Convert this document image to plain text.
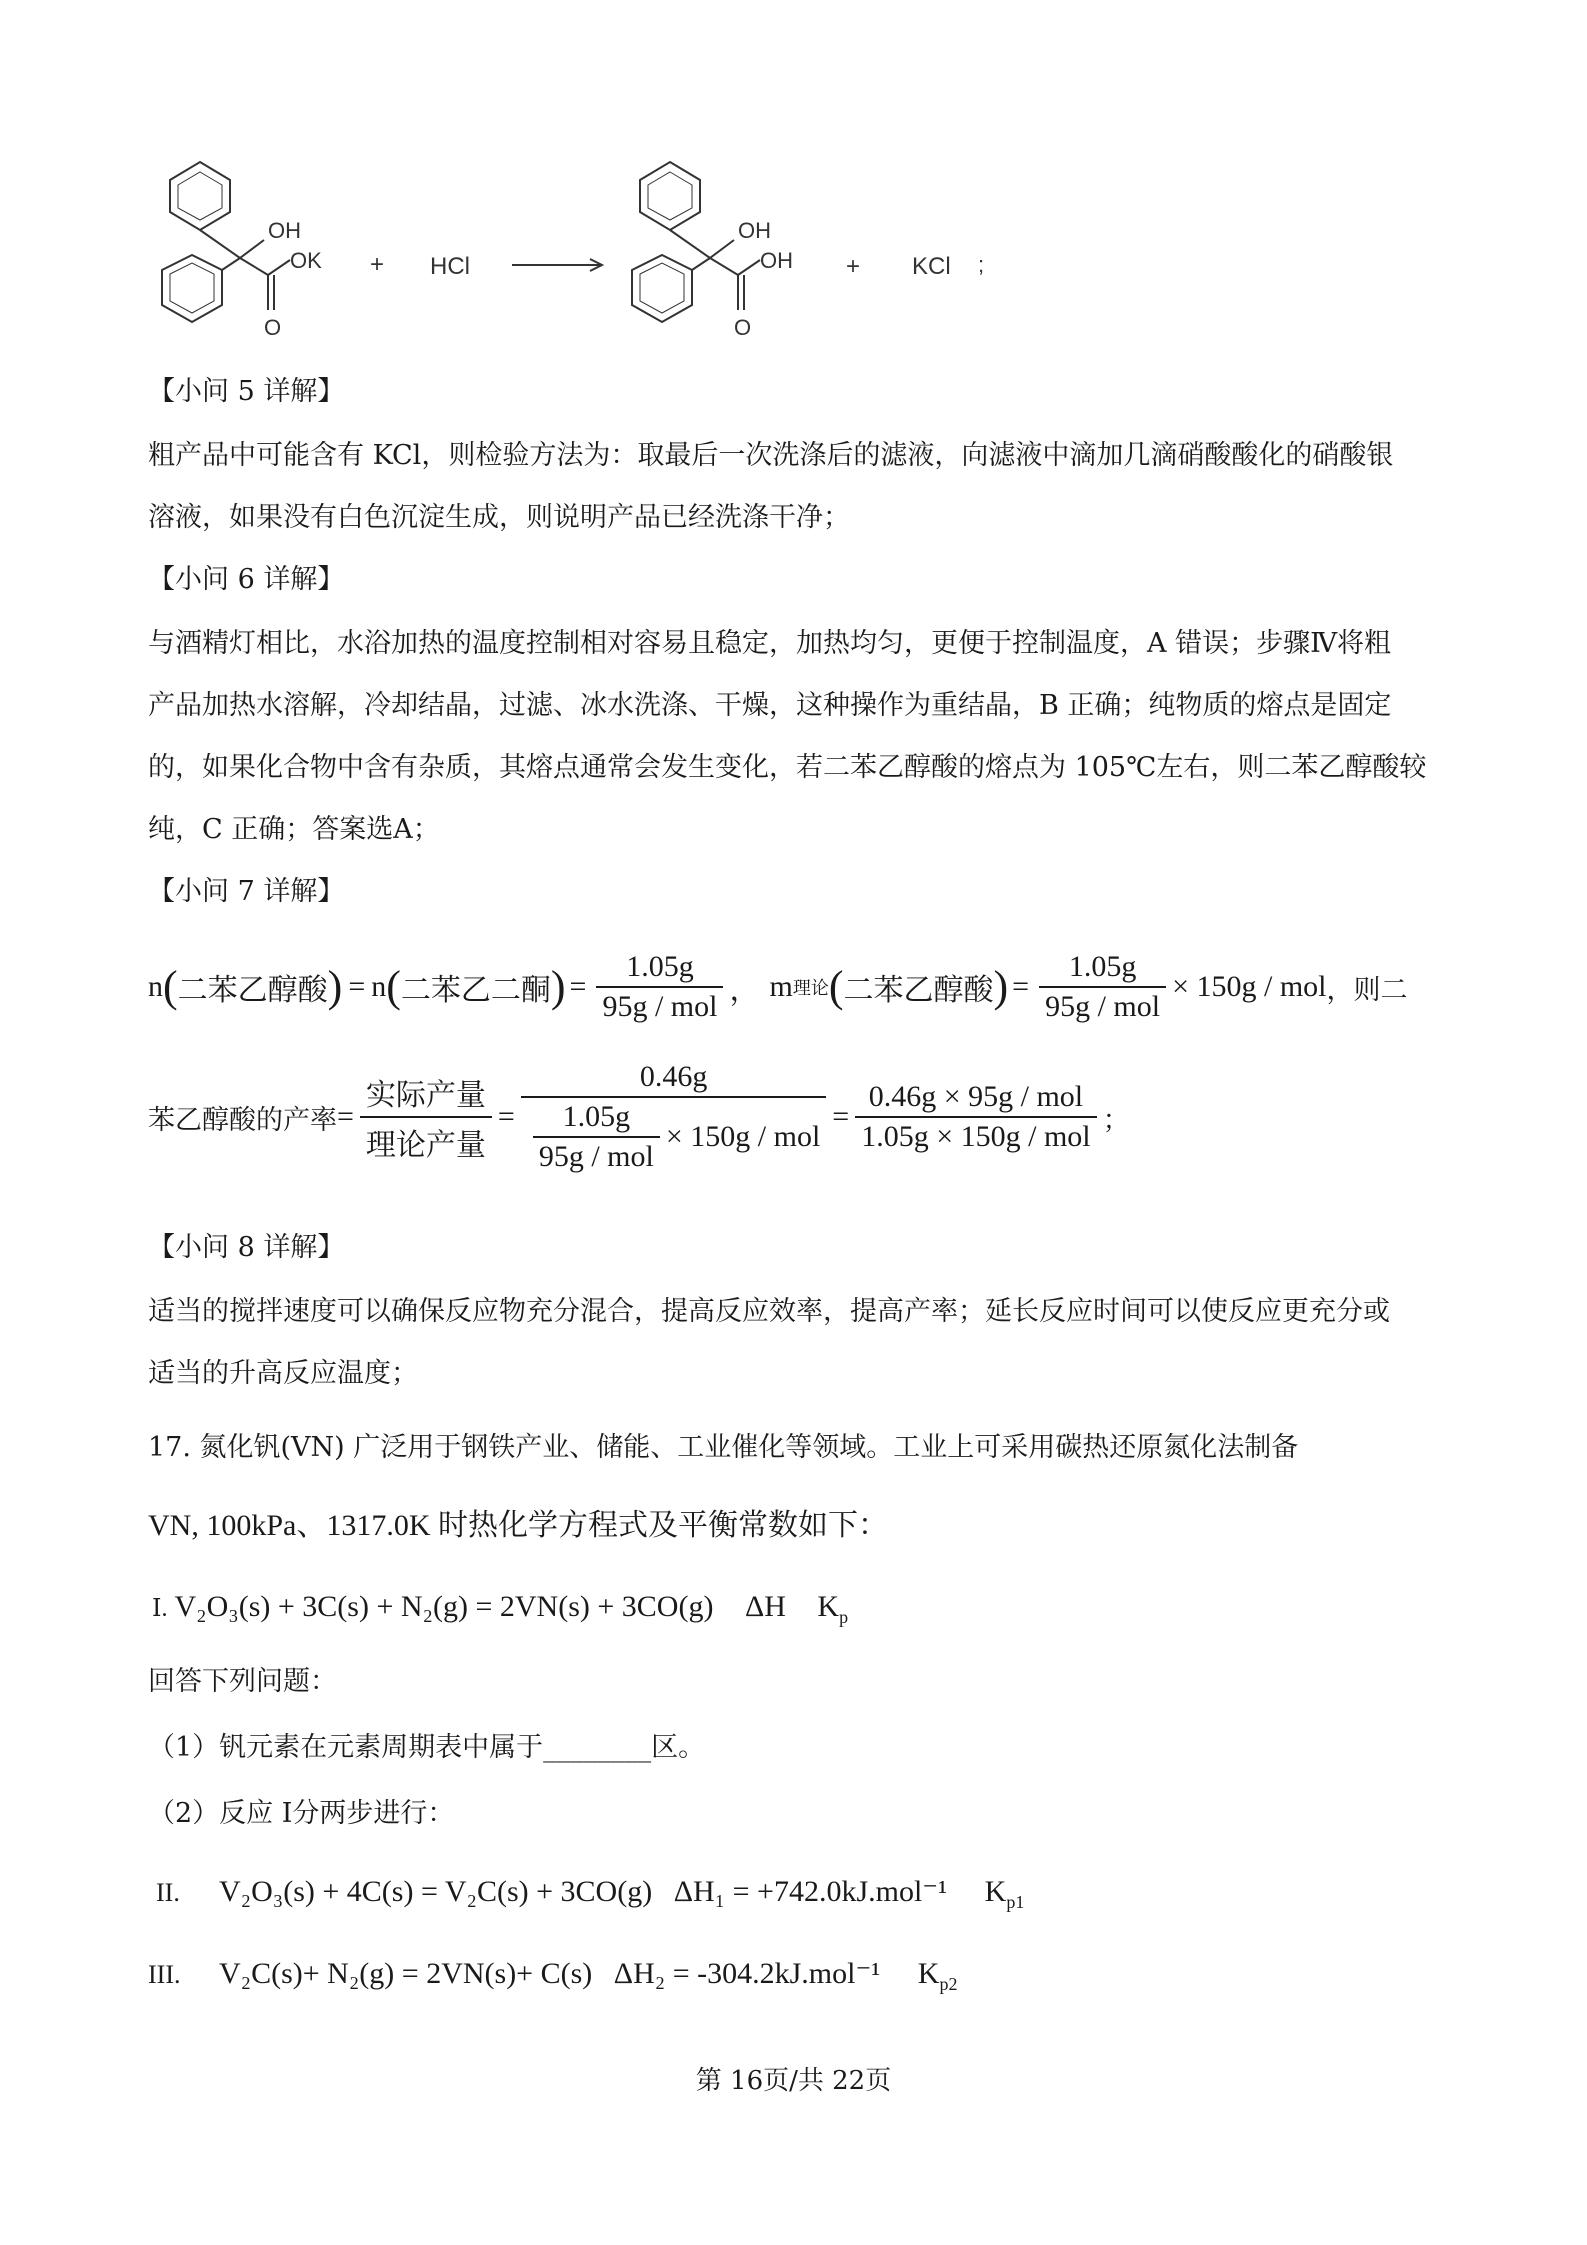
OH
OK
O
+ HCl
OH
OH
O
+ KCl ;
【小问 5 详解】
粗产品中可能含有 KCl，则检验方法为：取最后一次洗涤后的滤液，向滤液中滴加几滴硝酸酸化的硝酸银
溶液，如果没有白色沉淀生成，则说明产品已经洗涤干净；
【小问 6 详解】
与酒精灯相比，水浴加热的温度控制相对容易且稳定，加热均匀，更便于控制温度，A 错误；步骤Ⅳ将粗
产品加热水溶解，冷却结晶，过滤、冰水洗涤、干燥，这种操作为重结晶，B 正确；纯物质的熔点是固定
的，如果化合物中含有杂质，其熔点通常会发生变化，若二苯乙醇酸的熔点为 105℃左右，则二苯乙醇酸较
纯，C 正确；答案选A；
【小问 7 详解】
n ( 二苯乙醇酸 ) = n ( 二苯乙二酮 ) = $\frac{1.05g}{\text{95g / mol}}$ ， m 理论 ( 二苯乙醇酸 ) = $\frac{1.05g}{\text{95g / mol}} \times 150g$ / mol ，则二
苯乙醇酸的产率 = $\frac{\text{实际产量}}{\text{理论产量}} = \frac{0.46g}{\frac{1.05g}{\text{95g / mol}} \times 150g / mol} = \frac{\text{0.46g × 95g / mol}}{\text{1.05g × 150g / mol}}$ ；
【小问 8 详解】
适当的搅拌速度可以确保反应物充分混合，提高反应效率，提高产率；延长反应时间可以使反应更充分或
适当的升高反应温度；
17. 氮化钒(VN) 广泛用于钢铁产业、储能、工业催化等领域。工业上可采用碳热还原氮化法制备
VN, 100kPa、1317.0K 时热化学方程式及平衡常数如下：
Ⅰ. V₂O₃(s) + 3C(s) + N₂(g) = 2VN(s) + 3CO(g) ΔH $K_p$
回答下列问题：
（1）钒元素在元素周期表中属于________区。
（2）反应 Ⅰ分两步进行：
II. V₂O₃(s) + 4C(s) = V₂C(s) + 3CO(g) ΔH₁ = +742.0kJ.mol⁻¹ $K_{p1}$
III. V₂C(s)+ N₂(g) = 2VN(s)+ C(s) ΔH₂ = -304.2kJ.mol⁻¹ $K_{p2}$
第 16页/共 22页
